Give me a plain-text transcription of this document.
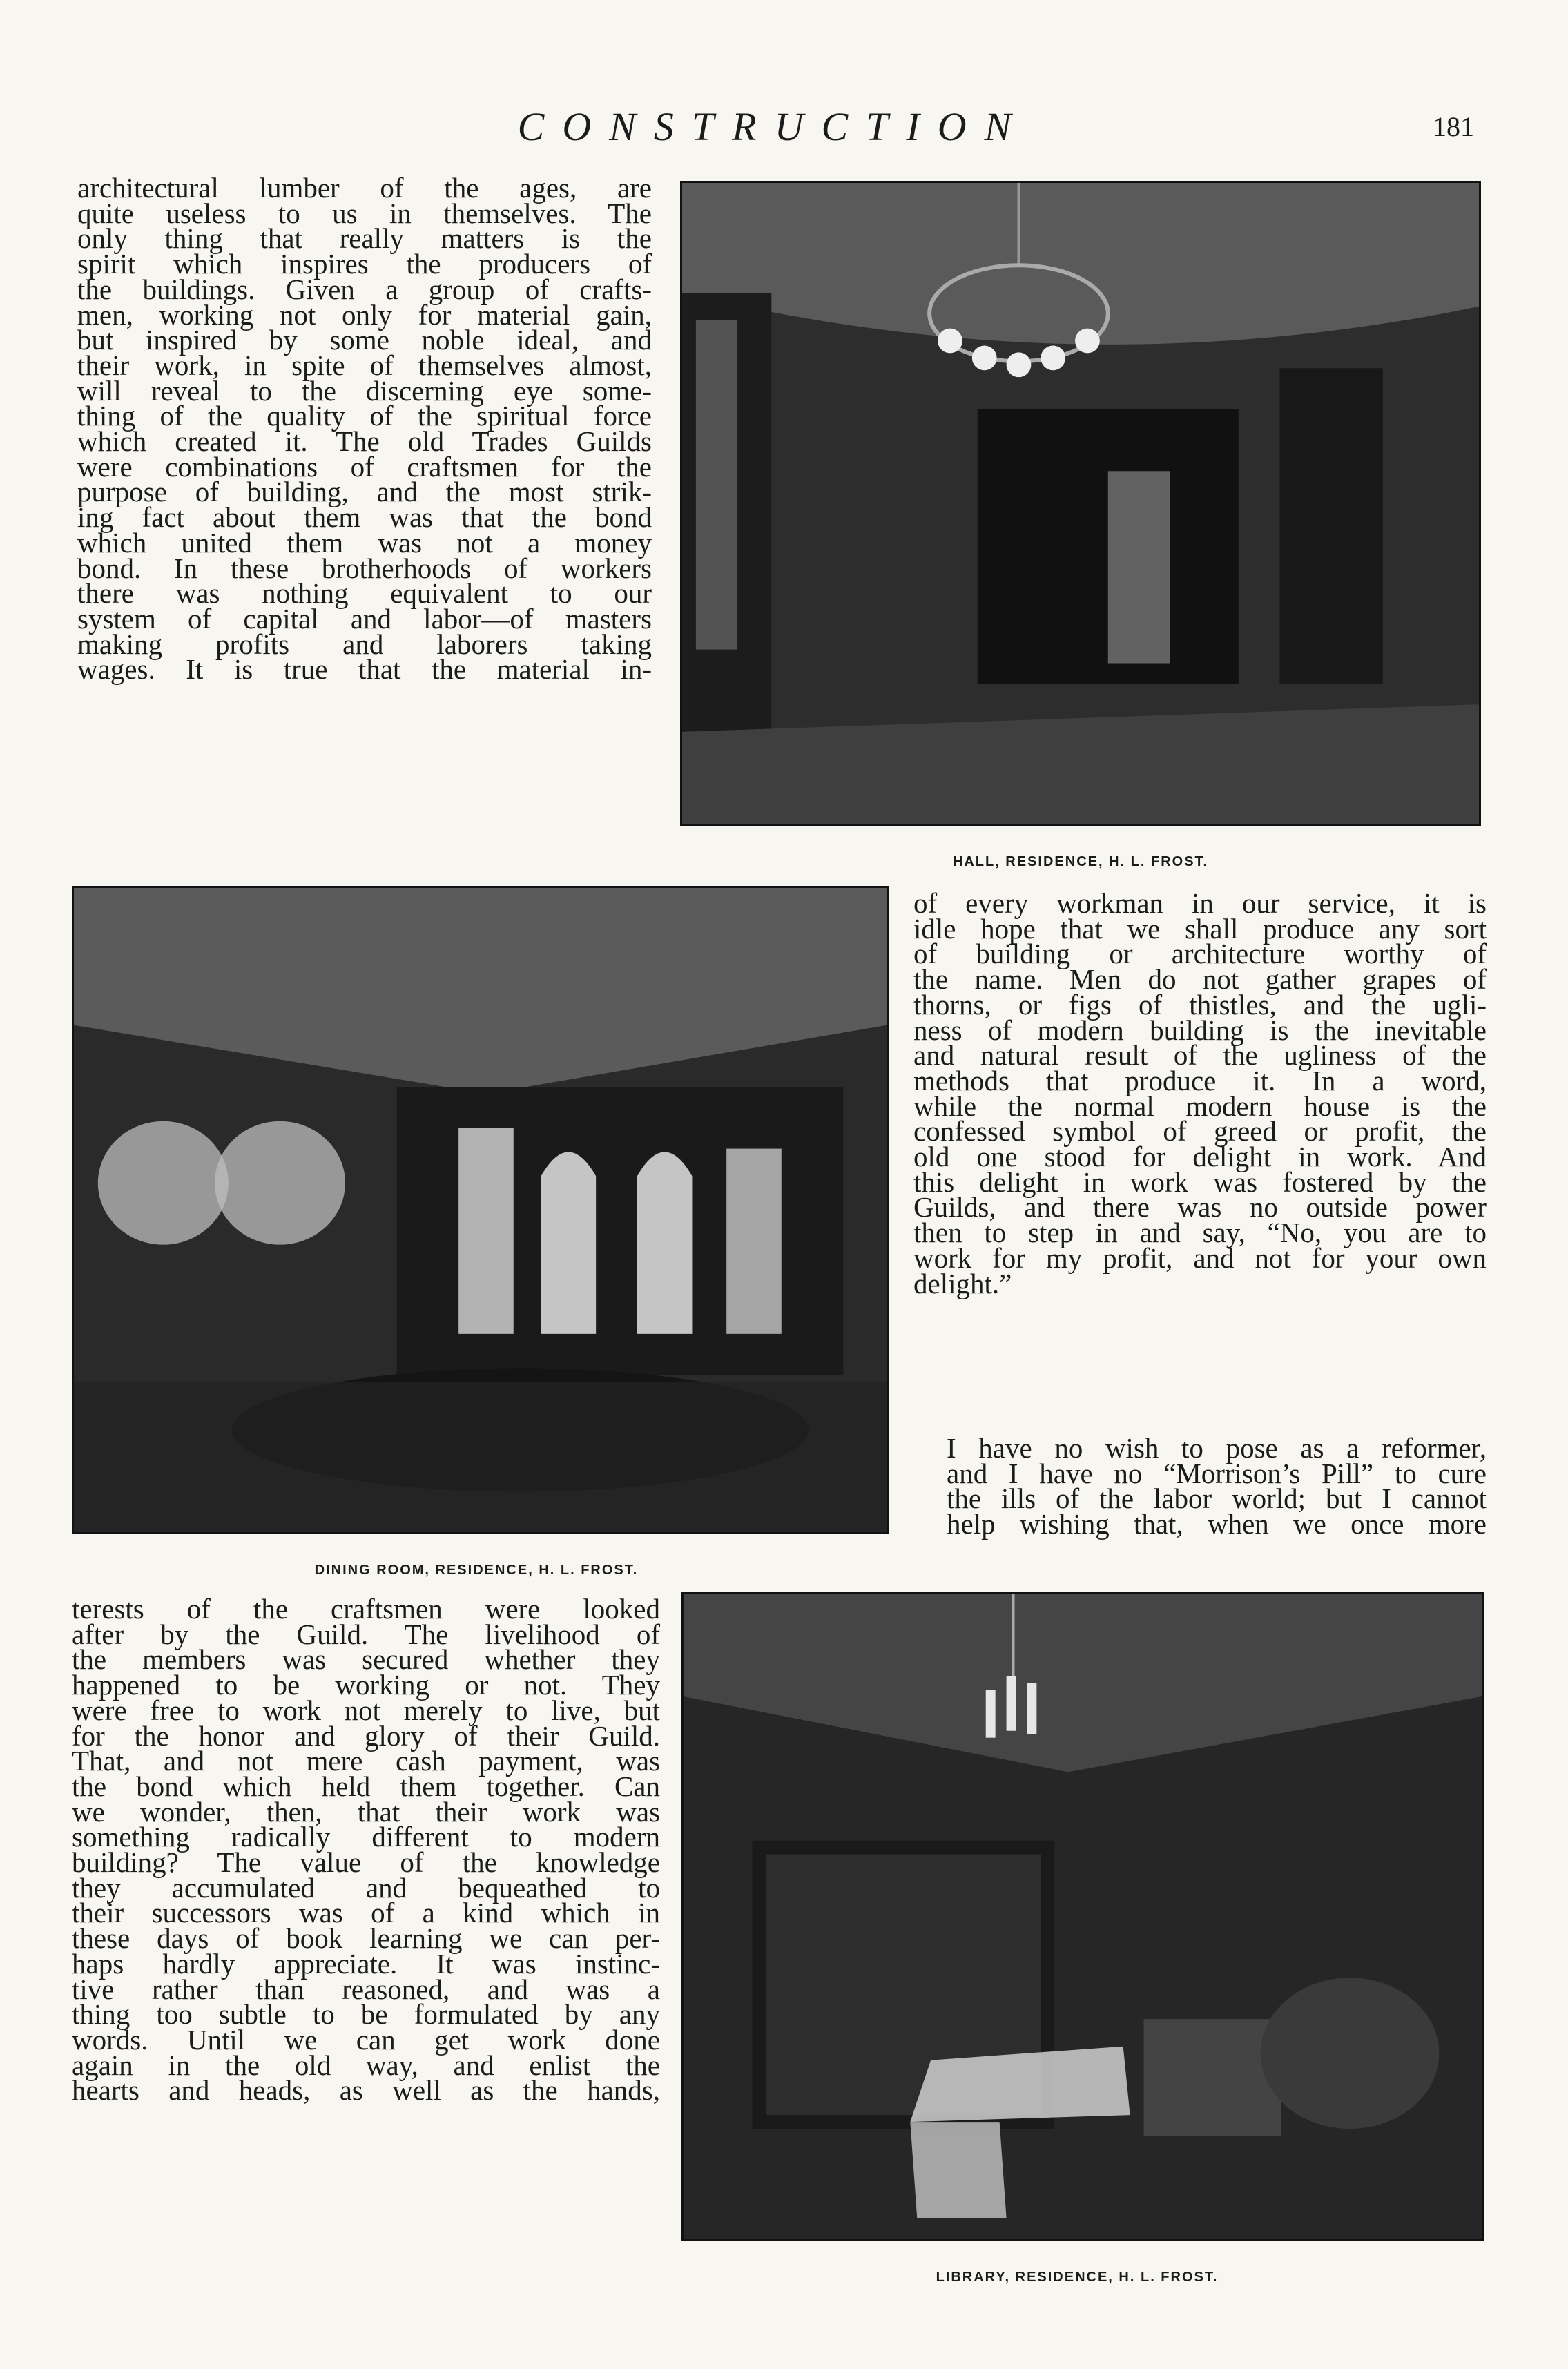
CONSTRUCTION	181
architectural lumber of the ages, are
quite useless to us in themselves. The
only thing that really matters is the
spirit which inspires the producers of
the buildings. Given a group of crafts-
men, working not only for material gain,
but inspired by some noble ideal, and
their work, in spite of themselves almost,
will reveal to the discerning eye some-
thing of the quality of the spiritual force
which created it. The old Trades Guilds
were combinations of craftsmen for the
purpose of building, and the most strik-
ing fact about them was that the bond
which united them was not a money
bond. In these brotherhoods of workers
there was nothing equivalent to our
system of capital and labor—of masters
making profits and laborers taking
wages. It is true that the material in-
HALL, RESIDENCE, H. L. FROST.
DINING ROOM, RESIDENCE, H. L. FROST.
of every workman in our service, it is
idle hope that we shall produce any sort
of building or architecture worthy of
the name. Men do not gather grapes of
thorns, or figs of thistles, and the ugli-
ness of modern building is the inevitable
and natural result of the ugliness of the
methods that produce it. In a word,
while the normal modern house is the
confessed symbol of greed or profit, the
old one stood for delight in work. And
this delight in work was fostered by the
Guilds, and there was no outside power
then to step in and say, “No, you are to
work for my profit, and not for your own
delight.”
I have no wish to pose as a reformer,
and I have no “Morrison’s Pill” to cure
the ills of the labor world; but I cannot
help wishing that, when we once more
terests of the craftsmen were looked
after by the Guild. The livelihood of
the members was secured whether they
happened to be working or not. They
were free to work not merely to live, but
for the honor and glory of their Guild.
That, and not mere cash payment, was
the bond which held them together. Can
we wonder, then, that their work was
something radically different to modern
building? The value of the knowledge
they accumulated and bequeathed to
their successors was of a kind which in
these days of book learning we can per-
haps hardly appreciate. It was instinc-
tive rather than reasoned, and was a
thing too subtle to be formulated by any
words. Until we can get work done
again in the old way, and enlist the
hearts and heads, as well as the hands,
LIBRARY, RESIDENCE, H. L. FROST.
